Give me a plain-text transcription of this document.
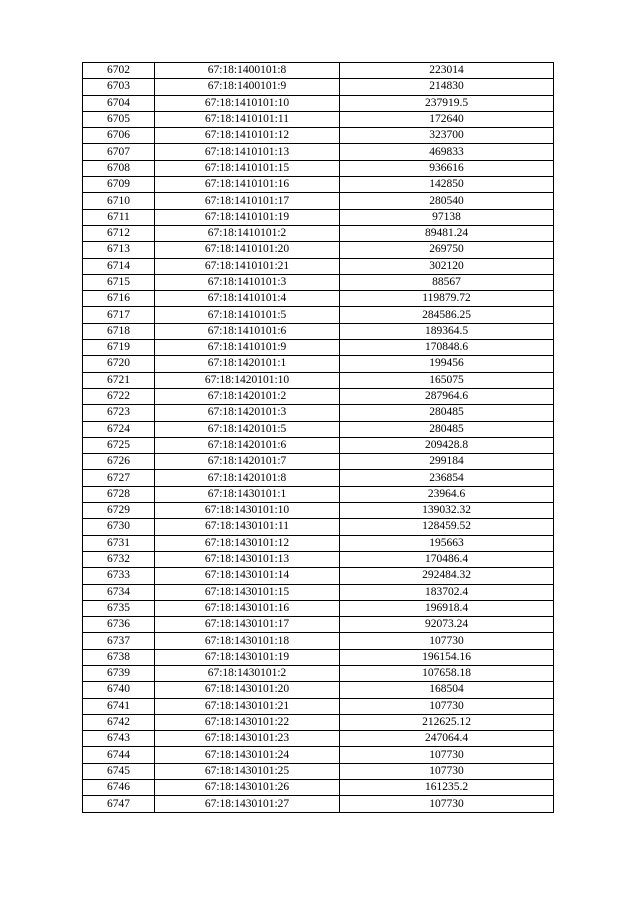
6702	67:18:1400101:8	223014
6703	67:18:1400101:9	214830
6704	67:18:1410101:10	237919.5
6705	67:18:1410101:11	172640
6706	67:18:1410101:12	323700
6707	67:18:1410101:13	469833
6708	67:18:1410101:15	936616
6709	67:18:1410101:16	142850
6710	67:18:1410101:17	280540
6711	67:18:1410101:19	97138
6712	67:18:1410101:2	89481.24
6713	67:18:1410101:20	269750
6714	67:18:1410101:21	302120
6715	67:18:1410101:3	88567
6716	67:18:1410101:4	119879.72
6717	67:18:1410101:5	284586.25
6718	67:18:1410101:6	189364.5
6719	67:18:1410101:9	170848.6
6720	67:18:1420101:1	199456
6721	67:18:1420101:10	165075
6722	67:18:1420101:2	287964.6
6723	67:18:1420101:3	280485
6724	67:18:1420101:5	280485
6725	67:18:1420101:6	209428.8
6726	67:18:1420101:7	299184
6727	67:18:1420101:8	236854
6728	67:18:1430101:1	23964.6
6729	67:18:1430101:10	139032.32
6730	67:18:1430101:11	128459.52
6731	67:18:1430101:12	195663
6732	67:18:1430101:13	170486.4
6733	67:18:1430101:14	292484.32
6734	67:18:1430101:15	183702.4
6735	67:18:1430101:16	196918.4
6736	67:18:1430101:17	92073.24
6737	67:18:1430101:18	107730
6738	67:18:1430101:19	196154.16
6739	67:18:1430101:2	107658.18
6740	67:18:1430101:20	168504
6741	67:18:1430101:21	107730
6742	67:18:1430101:22	212625.12
6743	67:18:1430101:23	247064.4
6744	67:18:1430101:24	107730
6745	67:18:1430101:25	107730
6746	67:18:1430101:26	161235.2
6747	67:18:1430101:27	107730
